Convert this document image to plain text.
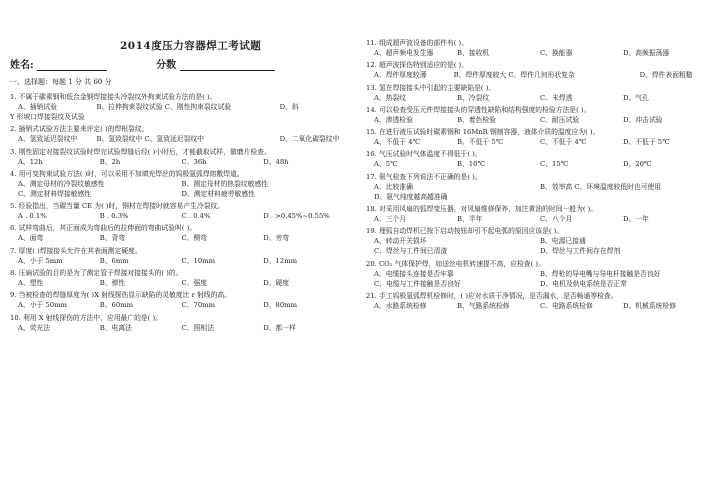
2014度压力容器焊工考试题
姓名:	分数
一、选择题：每题 1 分 共 60 分
1. 不属于碳素钢和低合金钢焊接接头冷裂纹外拘束试验方法的是( )。
A、插销试验	B、拉伸拘束裂纹试验 C、刚性拘束裂纹试验	D、斜
Y 形坡口焊接裂纹及试验
2. 插销式试验方法主要来评定( )的焊根裂纹。
A、氢致延迟裂纹中	B、氢致裂纹中 C、氢致延迟裂纹中	D、二氧化碳裂纹中
3. 刚性固定对接裂纹试验时焊完试验焊缝后经( )小时后，才能截取试样，做磨片检查。
A、12h	B、2h	C、36h	D、48h
4. 用可变拘束试验方法( )时，可以采用不加填充焊丝的钨极氩弧焊熔敷焊道。
A、测定母材的冷裂纹敏感性	B、测定母材的热裂纹敏感性
C、测定材料焊接敏感性	D、测定材料疲劳敏感性
5. 经验指出，当碳当量 CE 为( )时，钢材在焊接时就容易产生冷裂纹。
A . 0.1%	B . 0.3%	C . 0.4%	D . >0.45%~0.55%
6. 试样弯曲后，其正面成为弯曲后的拉伸面的弯曲试验叫( )。
A、面弯	B、背弯	C、侧弯	D、旁弯
7. 厚度( )焊接接头允许在其表面测定硬度。
A、小于 5mm	B、6mm	C、10mm	D、12mm
8. 压扁试验的目的是为了测定管子焊接对接接头的( )的。
A、塑性	B、弹性	C、强度	D、硬度
9. 当被检查的焊缝厚度为( )X 射线探伤显示缺陷的灵敏度比 r 射线的高。
A、小于 50mm	B、60mm	C、70mm	D、80mm
10. 利用 X 射线探伤的方法中，应用最广的是( )。
A、荧光法	B、电离法	C、照相法	D、都一样
11. 组成超声波设备的部件有( )。
A、超声频电发生器	B、接收机	C、换能器	D、高频振荡器
12. 超声波探伤特别适应的是( )。
A、焊件厚度较薄	B、焊件厚度较大 C、焊件几何形状复杂	D、焊件表面粗糙
13. 氢在焊接接头中引起的主要缺陷是( )。
A、热裂纹	B、冷裂纹	C、未焊透	D、气孔
14. 可以检查受压元件焊接接头的穿透性缺陷和结构强度的检验方法是( )。
A、渗透检验	B、着色检验	C、耐压试验	D、冲击试验
15. 在进行液压试验时碳素钢和 16MnR 钢制容器，液体介质的温度应为( )。
A、不低于 4℃	B、不低于 5℃	C、不低于 4℃	D、不低于 5℃
16. 气压试验时气体温度不得低于( )。
A、5℃	B、10℃	C、15℃	D、20℃
17. 氨气检查下列说法不正确的是( )。
A、比较准确	B、效率高 C、环境温度较低时也可使用
D、氨气纯度越高越准确
18. 对采用风扇的弧焊变压器，对风扇维修保养，加注黄油的时间一般为( )。
A、三个月	B、半年	C、八个月	D、一年
19. 埋弧自动焊机已按下启动按钮却引不起电弧的原因应该是( )。
A、转动开关损坏	B、电源已接通
C、焊丝与工件间已清渣	D、焊丝与工件间存在焊剂
20. CO₂ 气体保护焊，如送丝电机转速提不高，应检查( )。
A、电缆接头连接是否牢靠	B、焊枪的导电嘴与导电杆接触是否良好
C、电缆与工件接触是否良好	D、电机及供电系统是否正常
21. 手工钨极氩弧焊机检修时，( )应对水质干净情况，是否漏水，是否畅通等检查。
A、水路系统检修	B、气路系统检修	C、电路系统检修	D、机械系统检修
